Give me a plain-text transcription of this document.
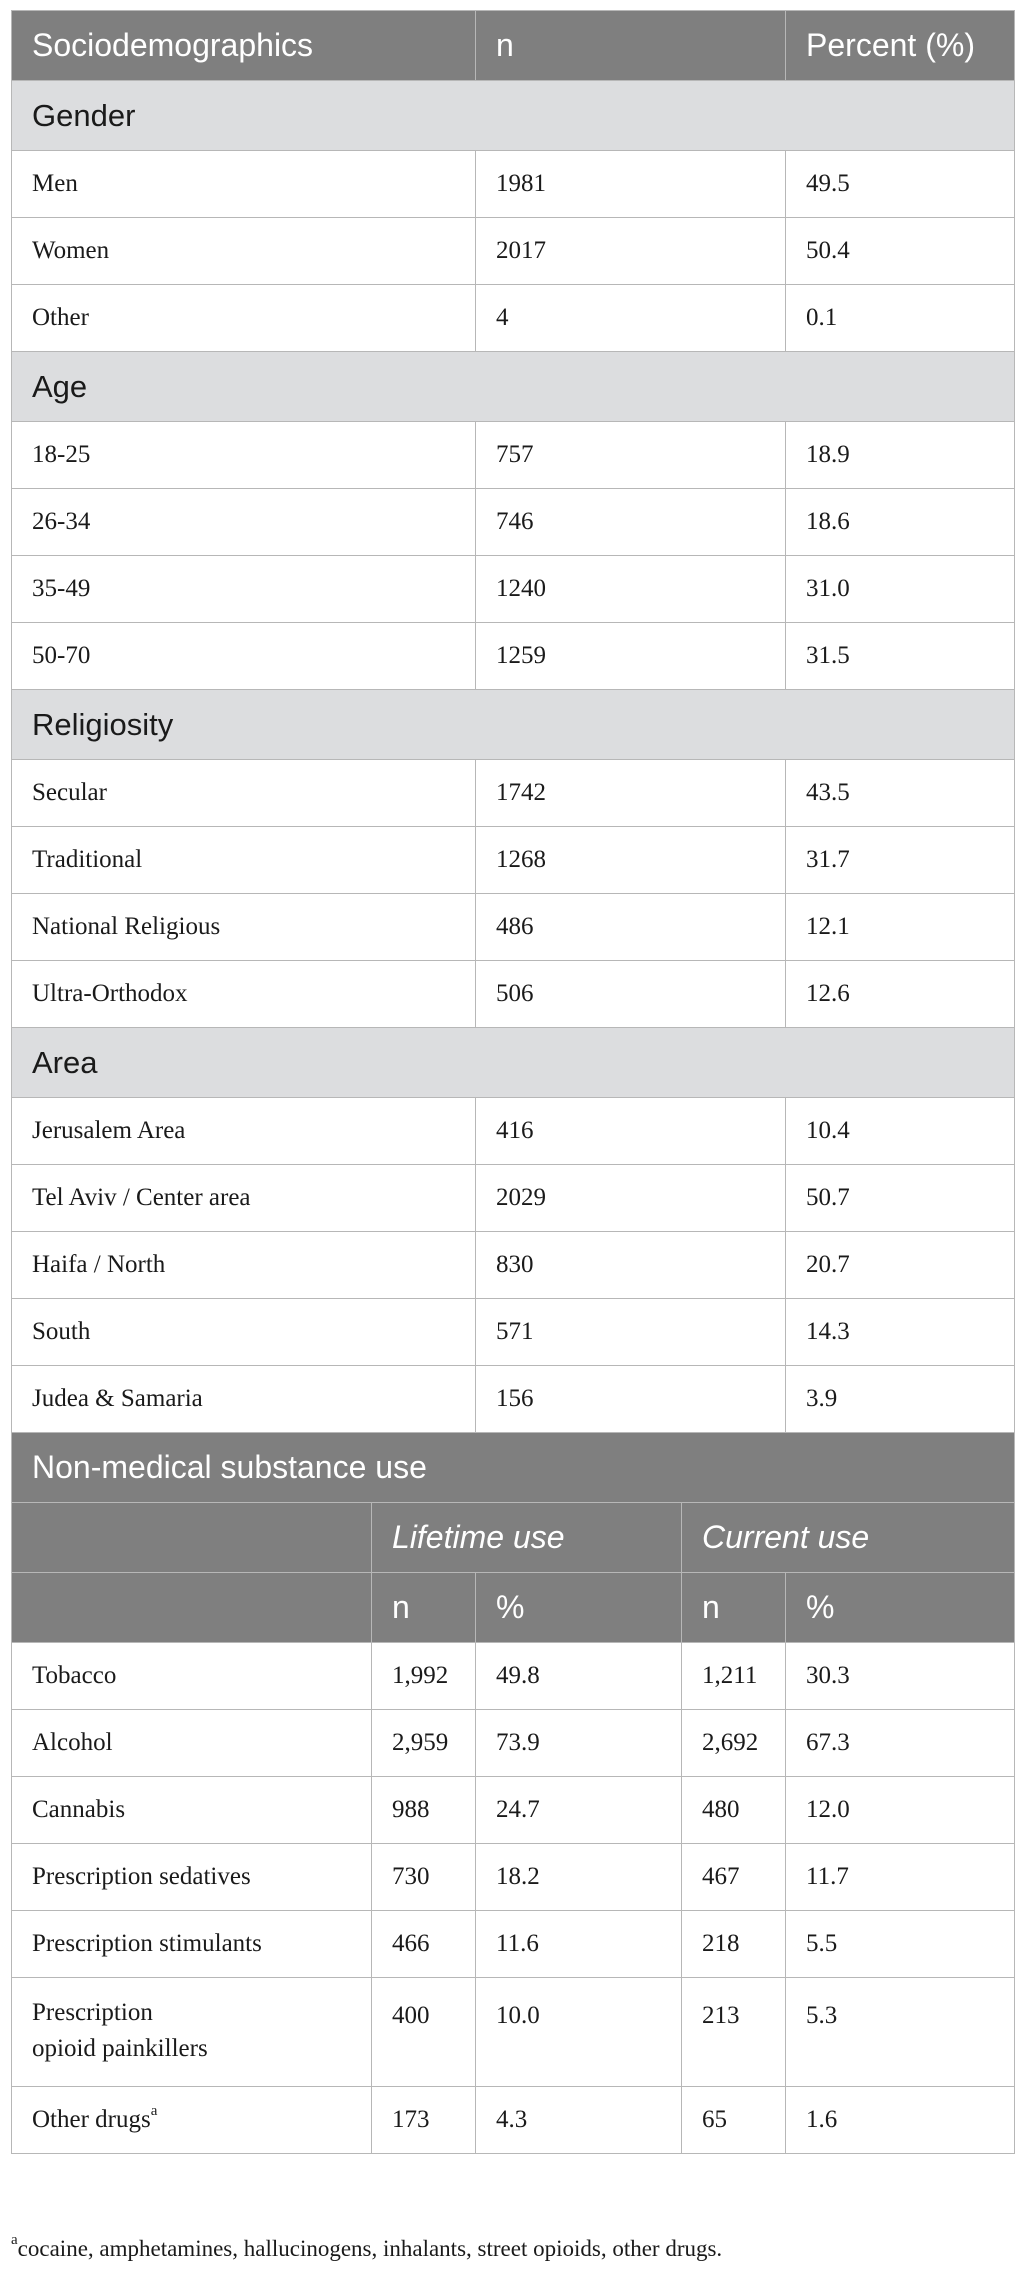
Sociodemographics		n		Percent (%)
Gender				
Men		1981		49.5
Women		2017		50.4
Other		4		0.1
Age				
18-25		757		18.9
26-34		746		18.6
35-49		1240		31.0
50-70		1259		31.5
Religiosity				
Secular		1742		43.5
Traditional		1268		31.7
National Religious		486		12.1
Ultra-Orthodox		506		12.6
Area				
Jerusalem Area		416		10.4
Tel Aviv / Center area		2029		50.7
Haifa / North		830		20.7
South		571		14.3
Judea & Samaria		156		3.9
Non-medical substance use				
	Lifetime use		Current use	
	n	%	n	%
Tobacco	1,992	49.8	1,211	30.3
Alcohol	2,959	73.9	2,692	67.3
Cannabis	988	24.7	480	12.0
Prescription sedatives	730	18.2	467	11.7
Prescription stimulants	466	11.6	218	5.5
Prescription
opioid painkillers	400	10.0	213	5.3
Other drugs$^a$	173	4.3	65	1.6
$^a$cocaine, amphetamines, hallucinogens, inhalants, street opioids, other drugs.
